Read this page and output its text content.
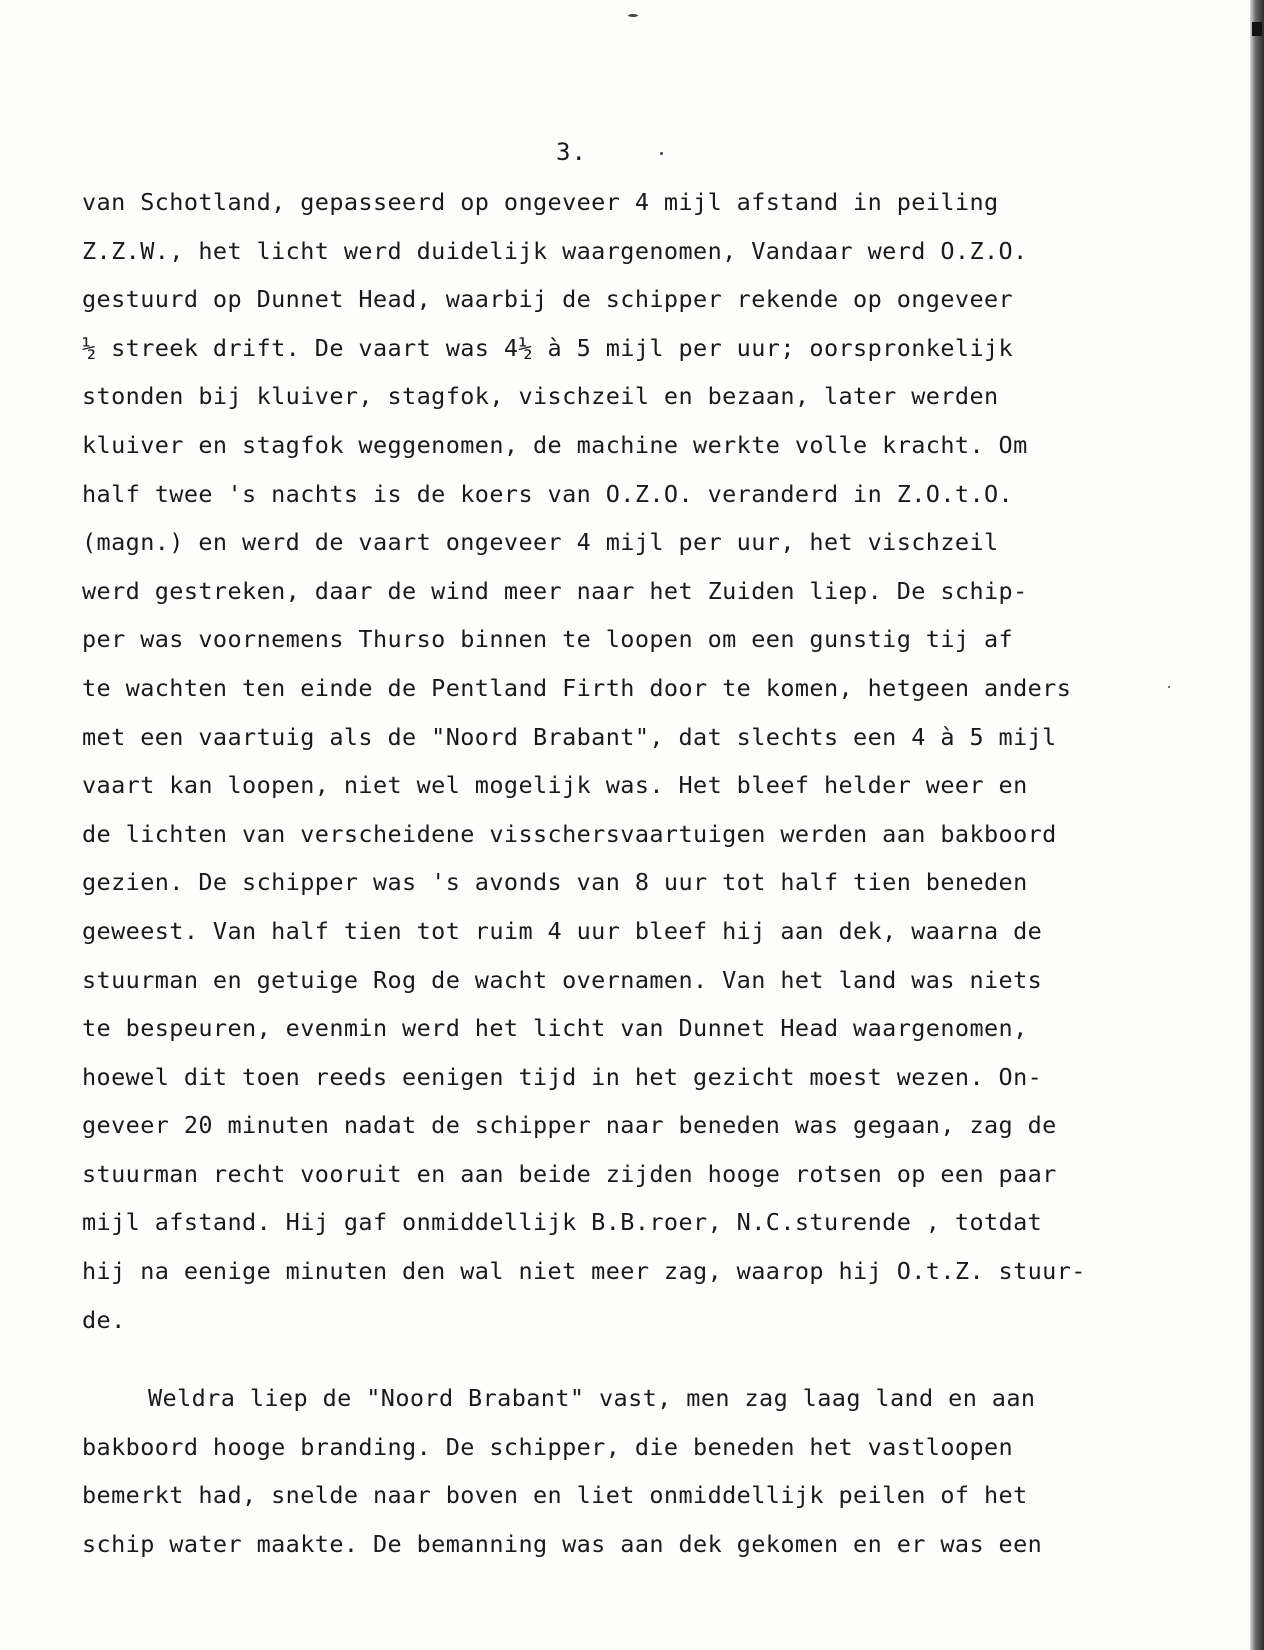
3.
van Schotland, gepasseerd op ongeveer 4 mijl afstand in peiling
Z.Z.W., het licht werd duidelijk waargenomen, Vandaar werd O.Z.O.
gestuurd op Dunnet Head, waarbij de schipper rekende op ongeveer
½ streek drift. De vaart was 4½ à 5 mijl per uur; oorspronkelijk
stonden bij kluiver, stagfok, vischzeil en bezaan, later werden
kluiver en stagfok weggenomen, de machine werkte volle kracht. Om
half twee 's nachts is de koers van O.Z.O. veranderd in Z.O.t.O.
(magn.) en werd de vaart ongeveer 4 mijl per uur, het vischzeil
werd gestreken, daar de wind meer naar het Zuiden liep. De schip-
per was voornemens Thurso binnen te loopen om een gunstig tij af
te wachten ten einde de Pentland Firth door te komen, hetgeen anders
met een vaartuig als de "Noord Brabant", dat slechts een 4 à 5 mijl
vaart kan loopen, niet wel mogelijk was. Het bleef helder weer en
de lichten van verscheidene visschersvaartuigen werden aan bakboord
gezien. De schipper was 's avonds van 8 uur tot half tien beneden
geweest. Van half tien tot ruim 4 uur bleef hij aan dek, waarna de
stuurman en getuige Rog de wacht overnamen. Van het land was niets
te bespeuren, evenmin werd het licht van Dunnet Head waargenomen,
hoewel dit toen reeds eenigen tijd in het gezicht moest wezen. On-
geveer 20 minuten nadat de schipper naar beneden was gegaan, zag de
stuurman recht vooruit en aan beide zijden hooge rotsen op een paar
mijl afstand. Hij gaf onmiddellijk B.B.roer, N.C.sturende , totdat
hij na eenige minuten den wal niet meer zag, waarop hij O.t.Z. stuur-
de.
Weldra liep de "Noord Brabant" vast, men zag laag land en aan
bakboord hooge branding. De schipper, die beneden het vastloopen
bemerkt had, snelde naar boven en liet onmiddellijk peilen of het
schip water maakte. De bemanning was aan dek gekomen en er was een
